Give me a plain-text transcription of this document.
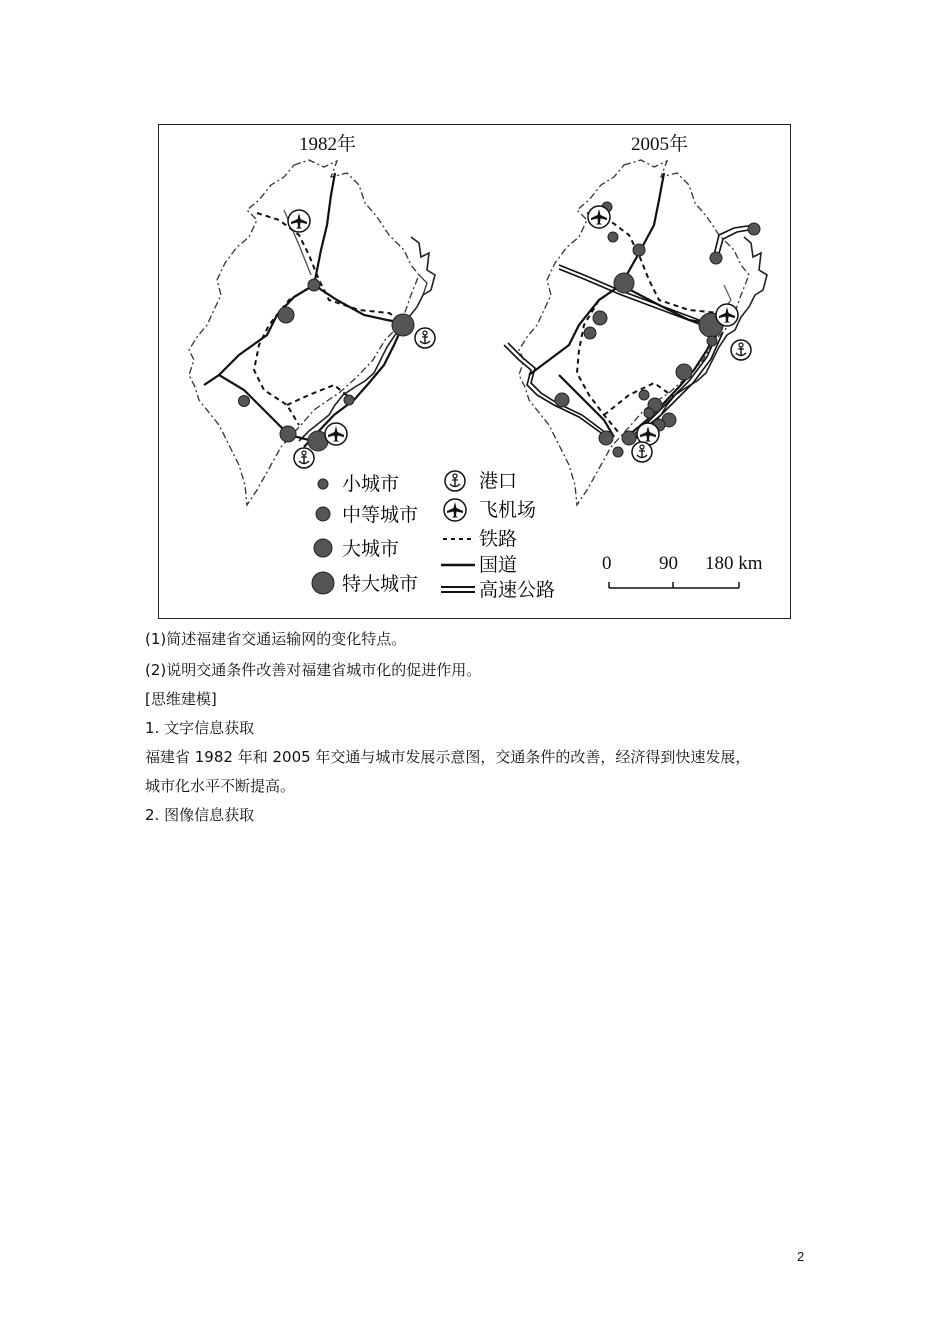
小城市
中等城市
大城市
特大城市
港口
飞机场
铁路
国道
高速公路
1982年	2005年
0	90 180 km
(1)简述福建省交通运输网的变化特点。
(2)说明交通条件改善对福建省城市化的促进作用。
[思维建模]
1. 文字信息获取
福建省 1982 年和 2005 年交通与城市发展示意图，交通条件的改善，经济得到快速发展，
城市化水平不断提高。
2. 图像信息获取
2
